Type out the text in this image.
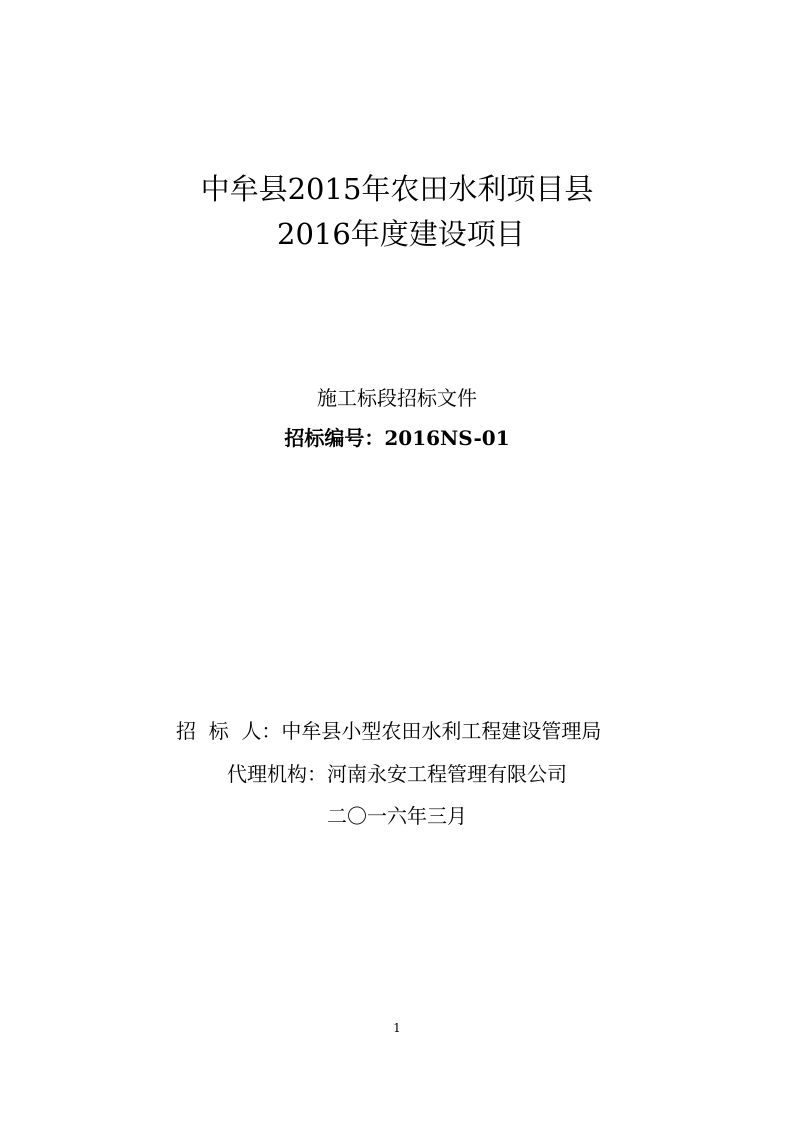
中牟县2015年农田水利项目县
2016年度建设项目
施工标段招标文件
招标编号：2016NS-01
招  标  人：中牟县小型农田水利工程建设管理局
代理机构：河南永安工程管理有限公司
二〇一六年三月
1
